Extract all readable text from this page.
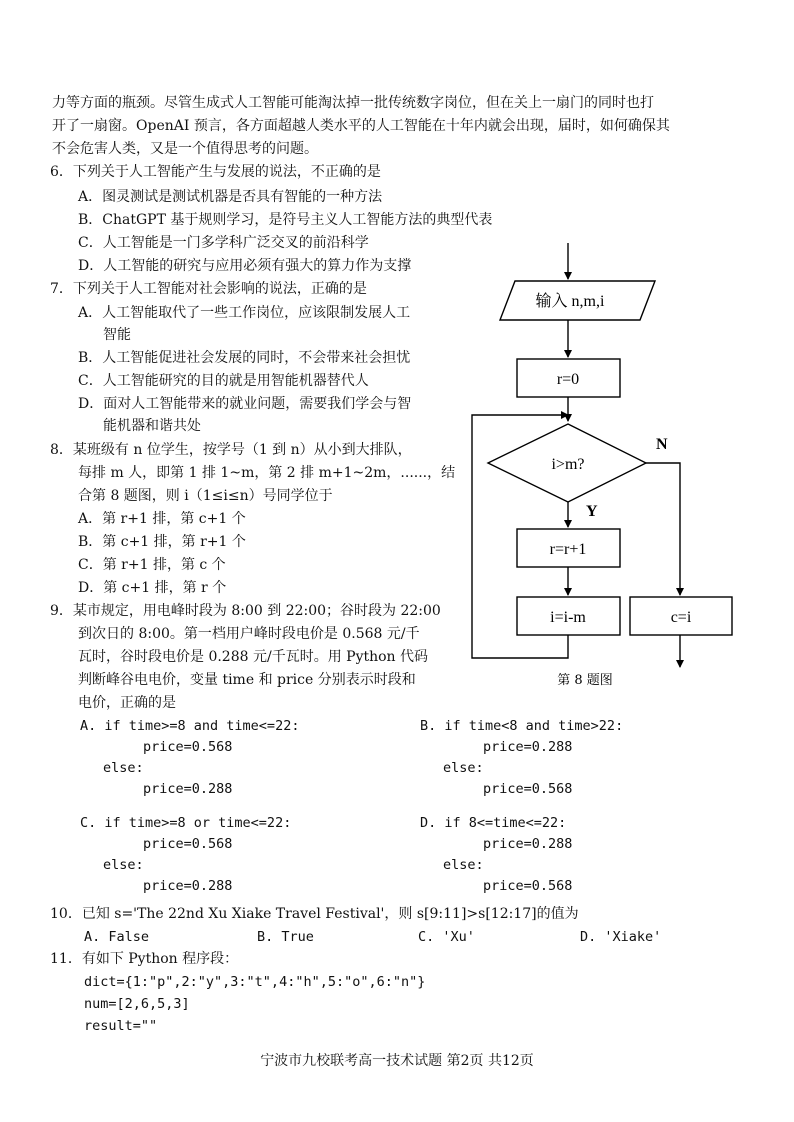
力等方面的瓶颈。尽管生成式人工智能可能淘汰掉一批传统数字岗位，但在关上一扇门的同时也打
开了一扇窗。OpenAI 预言，各方面超越人类水平的人工智能在十年内就会出现，届时，如何确保其
不会危害人类，又是一个值得思考的问题。
6．下列关于人工智能产生与发展的说法，不正确的是
A．图灵测试是测试机器是否具有智能的一种方法
B．ChatGPT 基于规则学习，是符号主义人工智能方法的典型代表
C．人工智能是一门多学科广泛交叉的前沿科学
D．人工智能的研究与应用必须有强大的算力作为支撑
7．下列关于人工智能对社会影响的说法，正确的是
A．人工智能取代了一些工作岗位，应该限制发展人工
智能
B．人工智能促进社会发展的同时，不会带来社会担忧
C．人工智能研究的目的就是用智能机器替代人
D．面对人工智能带来的就业问题，需要我们学会与智
能机器和谐共处
8．某班级有 n 位学生，按学号（1 到 n）从小到大排队，
每排 m 人，即第 1 排 1~m，第 2 排 m+1~2m，......，结
合第 8 题图，则 i（1≤i≤n）号同学位于
A．第 r+1 排，第 c+1 个
B．第 c+1 排，第 r+1 个
C．第 r+1 排，第 c 个
D．第 c+1 排，第 r 个
输入 n,m,i
r=0
i>m?
N
Y
r=r+1
i=i-m	c=i
第 8 题图
9．某市规定，用电峰时段为 8:00 到 22:00；谷时段为 22:00
到次日的 8:00。第一档用户峰时段电价是 0.568 元/千
瓦时，谷时段电价是 0.288 元/千瓦时。用 Python 代码
判断峰谷电电价，变量 time 和 price 分别表示时段和
电价，正确的是
A. if time>=8 and time<=22:
price=0.568
else:
price=0.288
B. if time<8 and time>22:
price=0.288
else:
price=0.568
C. if time>=8 or time<=22:
price=0.568
else:
price=0.288
D. if 8<=time<=22:
price=0.288
else:
price=0.568
10．已知 s='The 22nd Xu Xiake Travel Festival'，则 s[9:11]>s[12:17]的值为
A. False	B. True	C. 'Xu'	D. 'Xiake'
11．有如下 Python 程序段：
dict={1:"p",2:"y",3:"t",4:"h",5:"o",6:"n"}
num=[2,6,5,3]
result=""
宁波市九校联考高一技术试题 第2页 共12页
